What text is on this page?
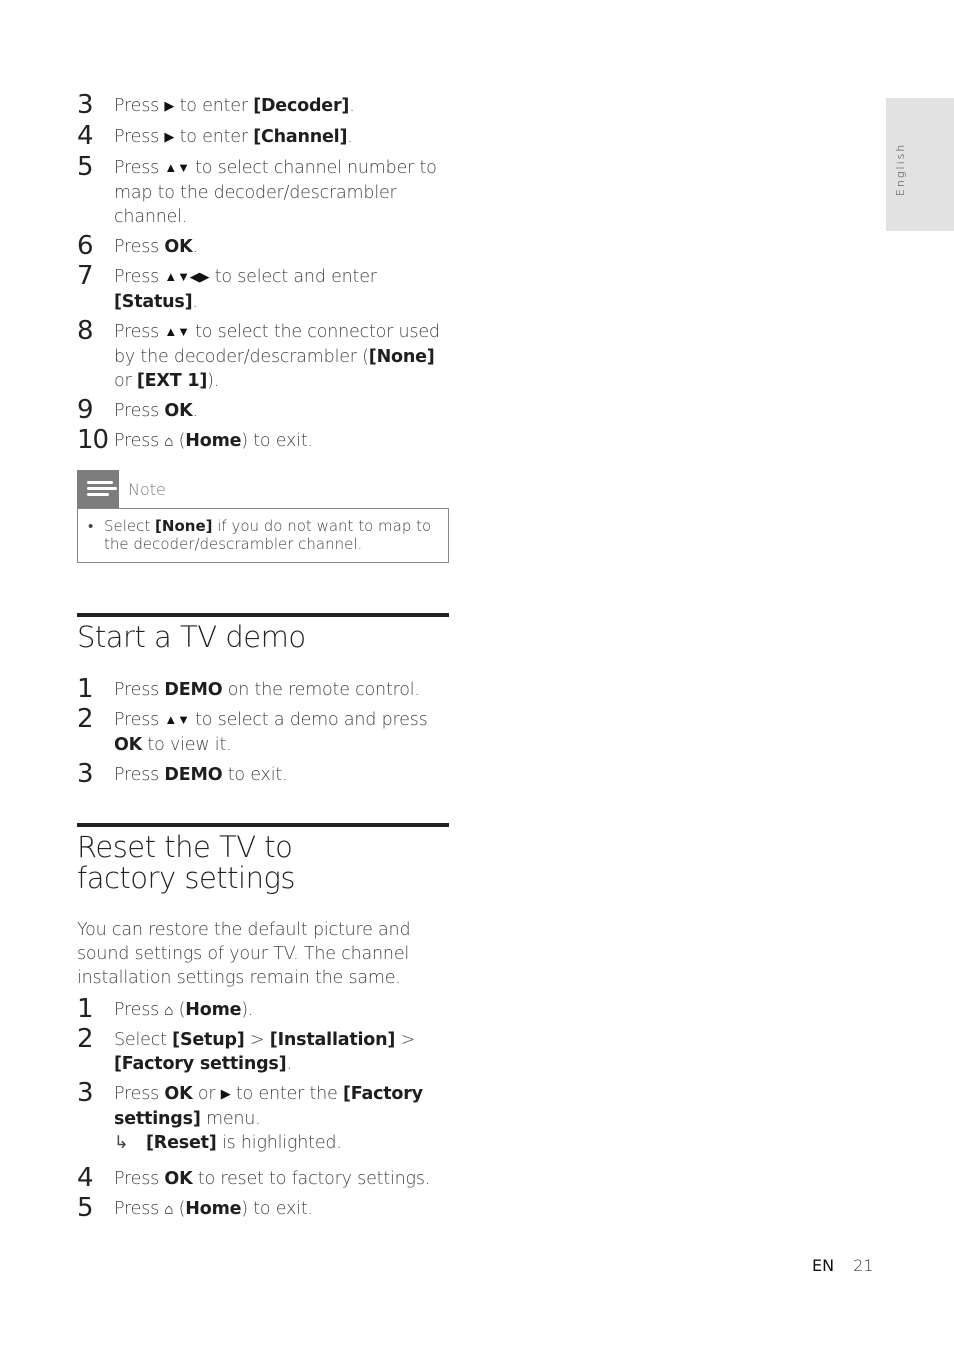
English
3 Press ▶ to enter [Decoder].
4 Press ▶ to enter [Channel].
5 Press ▲▼ to select channel number to map to the decoder/descrambler channel.
6 Press OK.
7 Press ▲▼◀▶ to select and enter [Status].
8 Press ▲▼ to select the connector used by the decoder/descrambler ([None] or [EXT 1]).
9 Press OK.
10 Press ⌂ (Home) to exit.
Note
• Select [None] if you do not want to map to the decoder/descrambler channel.
Start a TV demo
1 Press DEMO on the remote control.
2 Press ▲▼ to select a demo and press OK to view it.
3 Press DEMO to exit.
Reset the TV to factory settings
You can restore the default picture and sound settings of your TV. The channel installation settings remain the same.
1 Press ⌂ (Home).
2 Select [Setup] > [Installation] > [Factory settings].
3 Press OK or ▶ to enter the [Factory settings] menu.
↳ [Reset] is highlighted.
4 Press OK to reset to factory settings.
5 Press ⌂ (Home) to exit.
EN 21
